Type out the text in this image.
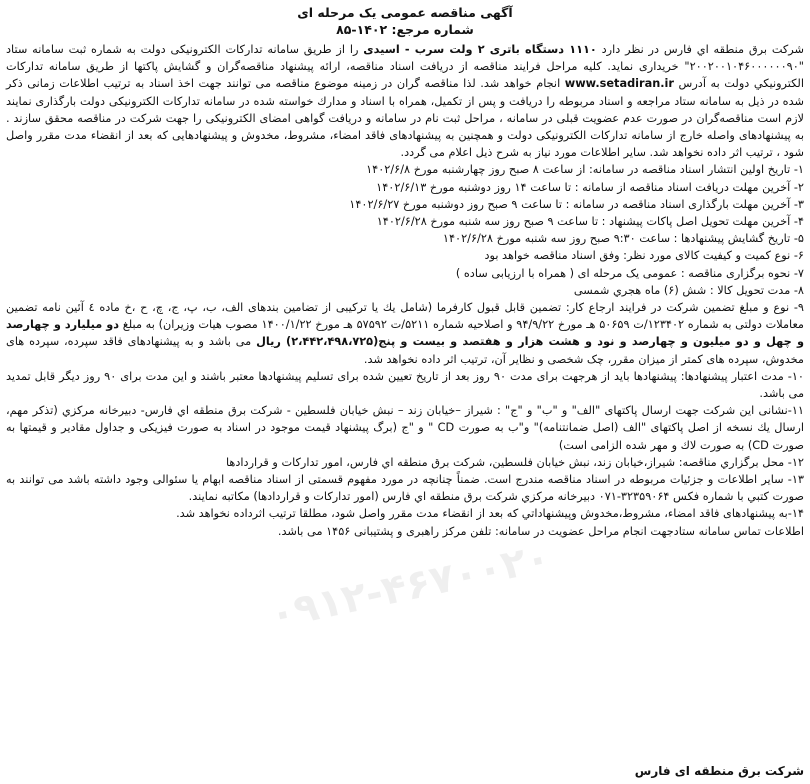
آگهی مناقصه عمومی یک مرحله ای
شماره مرجع: ۱۴۰۲-۸۵

شرکت برق منطقه اي فارس در نظر دارد ۱۱۱۰ دستگاه باتری ۲ ولت سرب - اسیدی را از طریق سامانه تدارکات الکترونیکی دولت به شماره ثبت سامانه ستاد "۲۰۰۲۰۰۱۰۴۶۰۰۰۰۰۰۹۰" خریداری نماید. کلیه مراحل فرایند مناقصه از دریافت اسناد مناقصه، ارائه پیشنهاد مناقصه‌گران و گشایش پاکتها از طریق سامانه تدارکات الکترونیکي دولت به آدرس www.setadiran.ir انجام خواهد شد. لذا مناقصه گران در زمینه موضوع مناقصه می توانند جهت اخذ اسناد به ترتیب اطلاعات زمانی ذکر شده در ذیل به سامانه ستاد مراجعه و اسناد مربوطه را دریافت و پس از تکمیل، همراه با اسناد و مدارك خواسته شده در سامانه تدارکات الکترونیکی دولت بارگذاری نمایند لازم است مناقصه‌گران در صورت عدم عضویت قبلی در سامانه ، مراحل ثبت نام در سامانه و دریافت گواهی امضای الکترونیکی را جهت شرکت در مناقصه محقق سازند . به پیشنهادهای واصله خارج از سامانه تدارکات الکترونیکی دولت و همچنین به پیشنهادهای فاقد امضاء، مشروط، مخدوش و پیشنهادهایی که بعد از انقضاء مدت مقرر واصل شود ، ترتیب اثر داده نخواهد شد. سایر اطلاعات مورد نیاز به شرح ذیل اعلام می گردد.

۱- تاریخ اولین انتشار اسناد مناقصه در سامانه: از ساعت ۸ صبح روز چهارشنبه مورخ ۱۴۰۲/۶/۸

۲- آخرین مهلت دریافت اسناد مناقصه از سامانه : تا ساعت ۱۴ روز دوشنبه مورخ ۱۴۰۲/۶/۱۳

۳- آخرین مهلت بارگذاری اسناد مناقصه در سامانه : تا ساعت ۹ صبح روز دوشنبه مورخ ۱۴۰۲/۶/۲۷

۴- آخرین مهلت تحویل اصل پاکات پیشنهاد : تا ساعت ۹ صبح روز سه شنبه مورخ ۱۴۰۲/۶/۲۸

۵- تاریخ گشایش پیشنهادها : ساعت ۹:۳۰ صبح روز سه شنبه مورخ ۱۴۰۲/۶/۲۸

۶- نوع کمیت و کیفیت کالای مورد نظر: وفق اسناد مناقصه خواهد بود

۷- نحوه برگزاری مناقصه : عمومی یک مرحله ای ( همراه با ارزیابی ساده )

۸- مدت تحویل کالا : شش (۶) ماه هجري شمسی

۹- نوع و مبلغ تضمین شرکت در فرایند ارجاع کار: تضمین قابل قبول کارفرما (شامل یك یا ترکیبی از تضامین بندهای الف، ب، پ، ج، چ، ح ،خ ماده ٤ آئین نامه تضمین معاملات دولتی به شماره ۱۲۳۴۰۲/ت ۵۰۶۵۹ هـ مورخ ۹۴/۹/۲۲ و اصلاحیه شماره ۵۲۱۱/ت ۵۷۵۹۲ هـ مورخ ۱۴۰۰/۱/۲۲ مصوب هیات وزیران) به مبلغ دو میلیارد و چهارصد و چهل و دو میلیون و چهارصد و نود و هشت هزار و هفتصد و بیست و پنج(۲،۴۴۲،۴۹۸،۷۲۵) ریال می باشد و به پیشنهادهای فاقد سپرده، سپرده های مخدوش، سپرده های کمتر از میزان مقرر، چک شخصی و نظایر آن، ترتیب اثر داده نخواهد شد.

۱۰- مدت اعتبار پیشنهادها: پیشنهادها باید از هرجهت برای مدت ۹۰ روز بعد از تاریخ تعیین شده برای تسلیم پیشنهادها معتبر باشند و این مدت برای ۹۰ روز دیگر قابل تمدید می باشد.

۱۱-نشانی این شرکت جهت ارسال پاکتهای "الف" و "ب" و "ج" : شیراز –خیابان زند – نبش خیابان فلسطین - شرکت برق منطقه اي فارس- دبیرخانه مرکزي (تذکر مهم، ارسال یك نسخه از اصل پاکتهای "الف (اصل ضمانتنامه)" و"ب به صورت CD " و "ج (برگ پیشنهاد قیمت موجود در اسناد به صورت فیزیکی و جداول مقادیر و قیمتها به صورت CD) به صورت لاك و مهر شده الزامی است)

۱۲- محل برگزاري مناقصه: شیراز،خیابان زند، نبش خیابان فلسطین، شرکت برق منطقه اي فارس، امور تدارکات و قراردادها

۱۳- سایر اطلاعات و جزئیات مربوطه در اسناد مناقصه مندرج است. ضمناً چنانچه در مورد مفهوم قسمتی از اسناد مناقصه ابهام یا سئوالی وجود داشته باشد می توانند به صورت کتبي با شماره فکس ۳۲۳۵۹۰۶۴-۰۷۱ دبیرخانه مرکزي شرکت برق منطقه اي فارس (امور تدارکات و قراردادها) مکاتبه نمایند.

۱۴-به پیشنهادهای فاقد امضاء، مشروط،مخدوش وپیشنهاداتي که بعد از انقضاء مدت مقرر واصل شود، مطلقا ترتیب اثرداده نخواهد شد.

اطلاعات تماس سامانه ستادجهت انجام مراحل عضویت در سامانه: تلفن مرکز راهبری و پشتیبانی ۱۴۵۶ می باشد.

۰۹۱۲-۴۶۷۰۰۲۰
شرکت برق منطقه ای فارس
